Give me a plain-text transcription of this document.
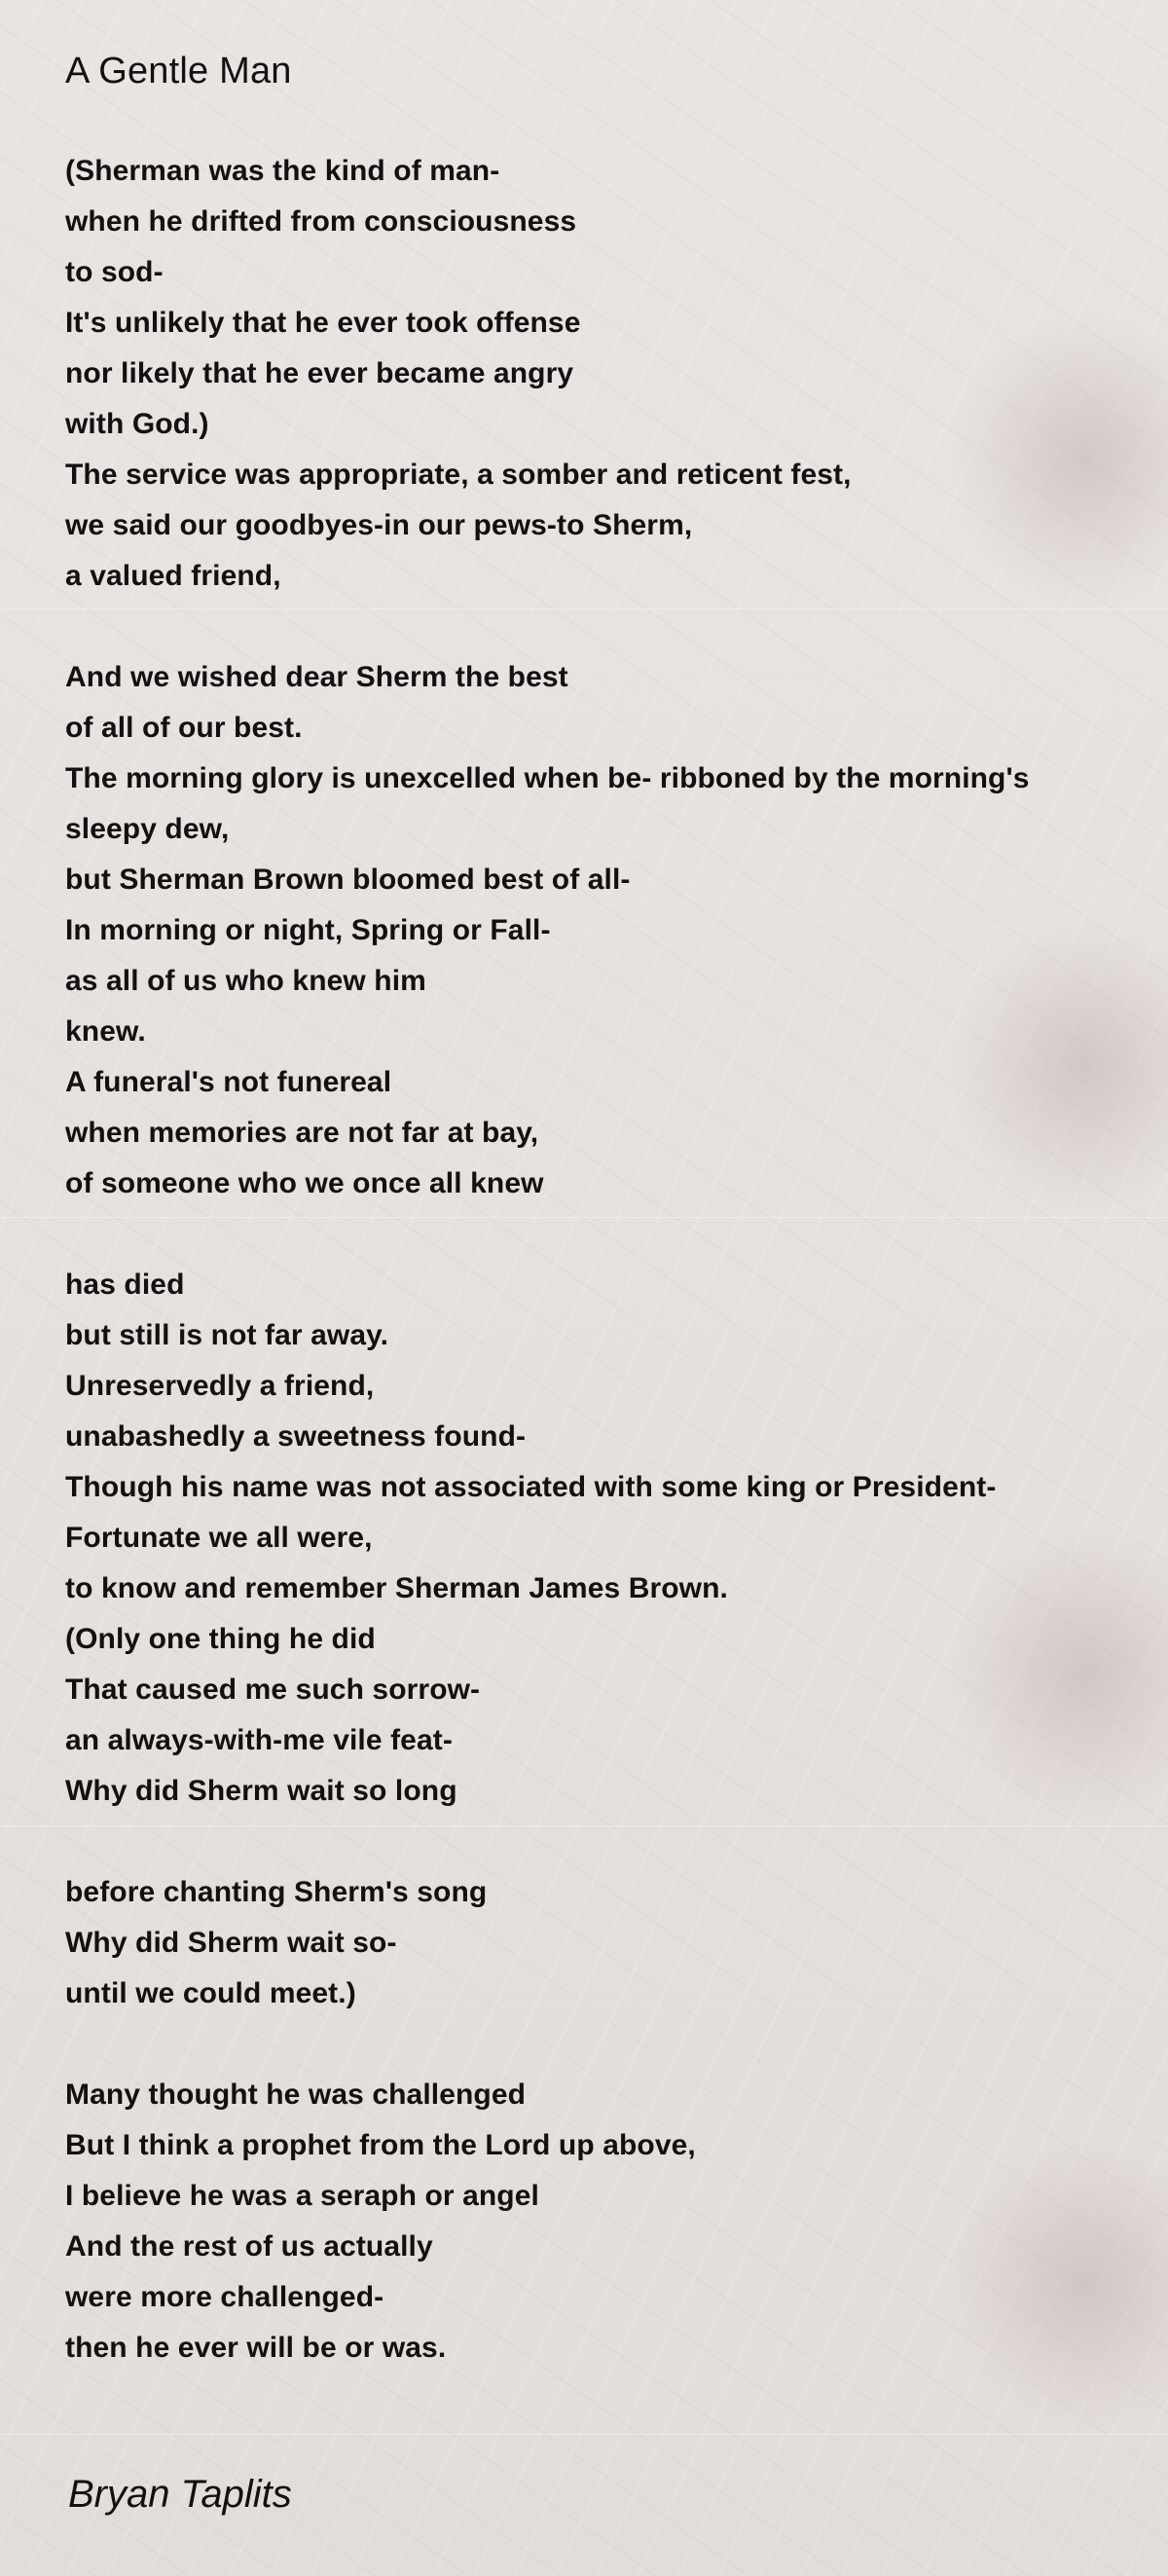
A Gentle Man
(Sherman was the kind of man-
when he drifted from consciousness
to sod-
It's unlikely that he ever took offense
nor likely that he ever became angry
with God.)
The service was appropriate, a somber and reticent fest,
we said our goodbyes-in our pews-to Sherm,
a valued friend,
And we wished dear Sherm the best
of all of our best.
The morning glory is unexcelled when be- ribboned by the morning's
sleepy dew,
but Sherman Brown bloomed best of all-
In morning or night, Spring or Fall-
as all of us who knew him
knew.
A funeral's not funereal
when memories are not far at bay,
of someone who we once all knew
has died
but still is not far away.
Unreservedly a friend,
unabashedly a sweetness found-
Though his name was not associated with some king or President-
Fortunate we all were,
to know and remember Sherman James Brown.
(Only one thing he did
That caused me such sorrow-
an always-with-me vile feat-
Why did Sherm wait so long
before chanting Sherm's song
Why did Sherm wait so-
until we could meet.)
Many thought he was challenged
But I think a prophet from the Lord up above,
I believe he was a seraph or angel
And the rest of us actually
were more challenged-
then he ever will be or was.
Bryan Taplits
